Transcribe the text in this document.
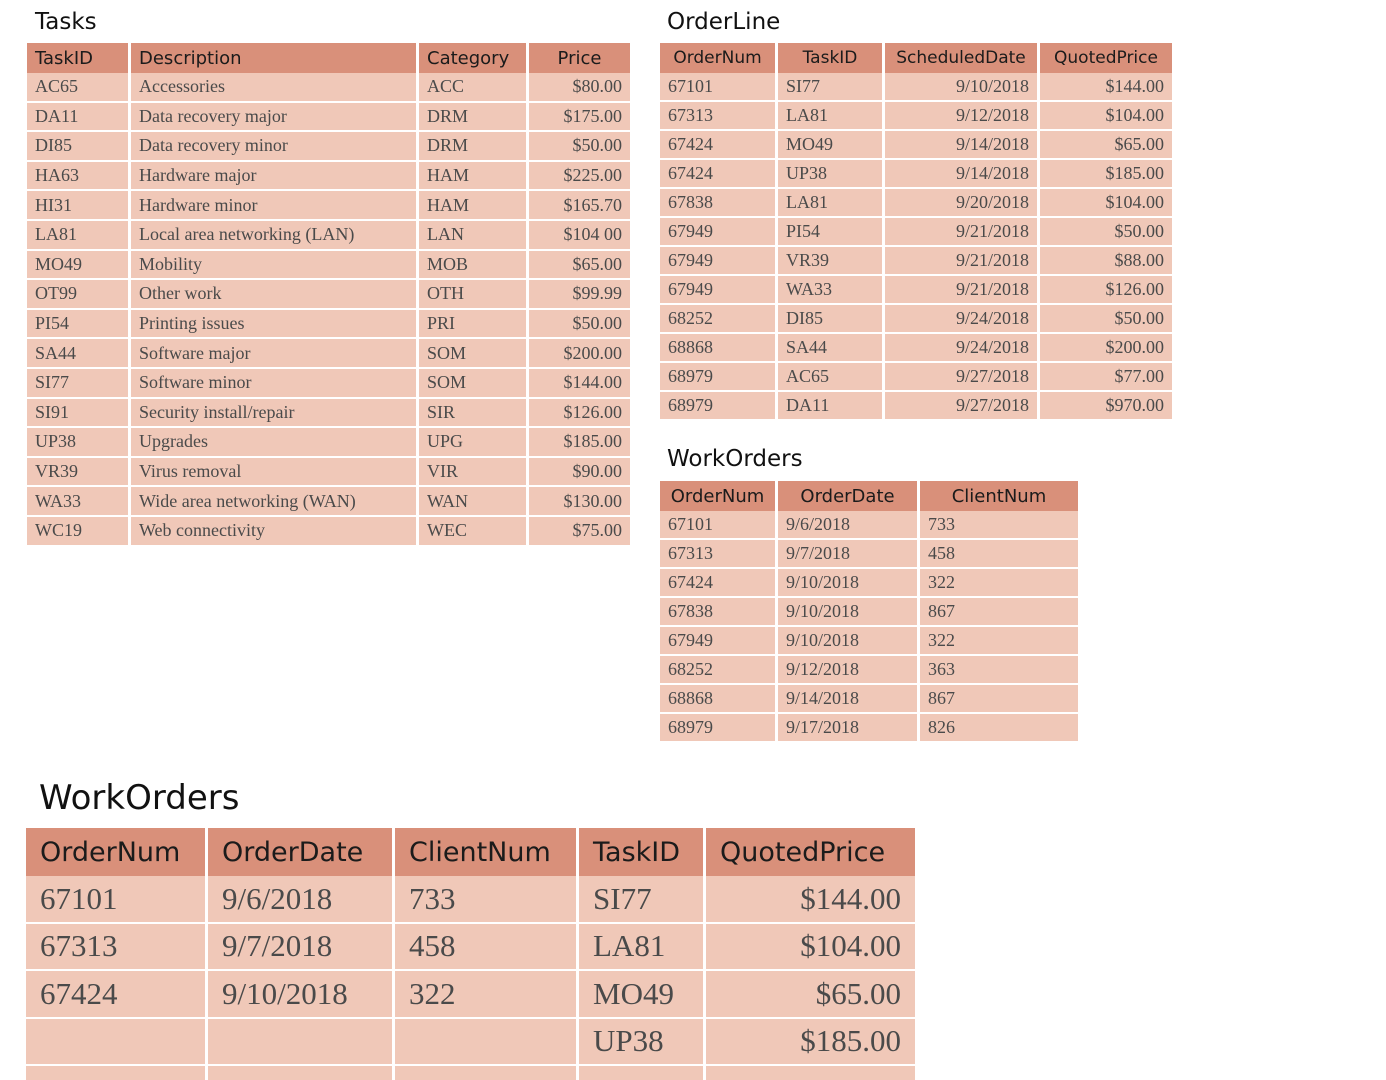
Tasks
TaskID	Description	Category	Price
AC65	Accessories	ACC	$80.00
DA11	Data recovery major	DRM	$175.00
DI85	Data recovery minor	DRM	$50.00
HA63	Hardware major	HAM	$225.00
HI31	Hardware minor	HAM	$165.70
LA81	Local area networking (LAN)	LAN	$104 00
MO49	Mobility	MOB	$65.00
OT99	Other work	OTH	$99.99
PI54	Printing issues	PRI	$50.00
SA44	Software major	SOM	$200.00
SI77	Software minor	SOM	$144.00
SI91	Security install/repair	SIR	$126.00
UP38	Upgrades	UPG	$185.00
VR39	Virus removal	VIR	$90.00
WA33	Wide area networking (WAN)	WAN	$130.00
WC19	Web connectivity	WEC	$75.00
OrderLine
OrderNum	TaskID	ScheduledDate	QuotedPrice
67101	SI77	9/10/2018	$144.00
67313	LA81	9/12/2018	$104.00
67424	MO49	9/14/2018	$65.00
67424	UP38	9/14/2018	$185.00
67838	LA81	9/20/2018	$104.00
67949	PI54	9/21/2018	$50.00
67949	VR39	9/21/2018	$88.00
67949	WA33	9/21/2018	$126.00
68252	DI85	9/24/2018	$50.00
68868	SA44	9/24/2018	$200.00
68979	AC65	9/27/2018	$77.00
68979	DA11	9/27/2018	$970.00
WorkOrders
OrderNum	OrderDate	ClientNum
67101	9/6/2018	733
67313	9/7/2018	458
67424	9/10/2018	322
67838	9/10/2018	867
67949	9/10/2018	322
68252	9/12/2018	363
68868	9/14/2018	867
68979	9/17/2018	826
WorkOrders
OrderNum	OrderDate	ClientNum	TaskID	QuotedPrice
67101	9/6/2018	733	SI77	$144.00
67313	9/7/2018	458	LA81	$104.00
67424	9/10/2018	322	MO49	$65.00
			UP38	$185.00
